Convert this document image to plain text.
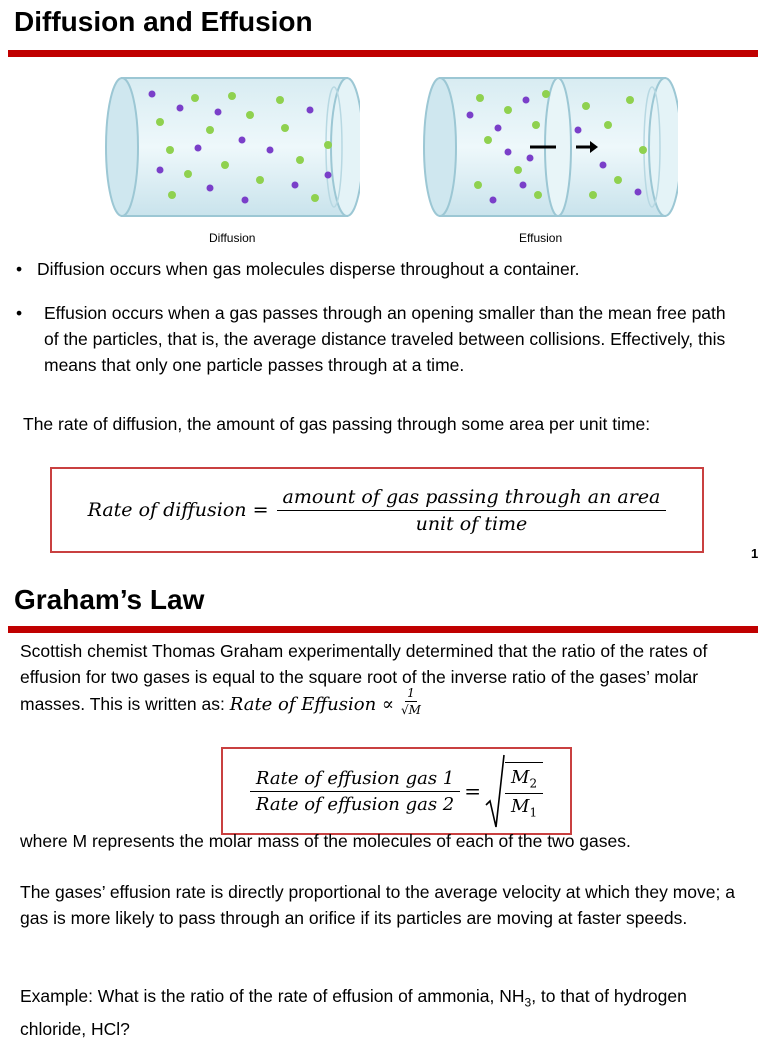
Diffusion and Effusion
Diffusion	Effusion
• Diffusion occurs when gas molecules disperse throughout a container.
•	Effusion occurs when a gas passes through an opening smaller than the mean free path of the particles, that is, the average distance traveled between collisions. Effectively, this means that only one particle passes through at a time.
The rate of diffusion, the amount of gas passing through some area per unit time:
Rate of diffusion = $\frac{\text{amount of gas passing through an area}}{\text{unit of time}}$
1
Graham’s Law
Scottish chemist Thomas Graham experimentally determined that the ratio of the rates of effusion for two gases is equal to the square root of the inverse ratio of the gases’ molar masses. This is written as: Rate of Effusion ∝ $\frac{1}{√M}$
$\frac{\text{Rate of effusion gas 1}}{\text{Rate of effusion gas 2}} = \frac{M_2}{M_1}$
where M represents the molar mass of the molecules of each of the two gases.
The gases’ effusion rate is directly proportional to the average velocity at which they move; a gas is more likely to pass through an orifice if its particles are moving at faster speeds.
Example: What is the ratio of the rate of effusion of ammonia, $NH_3$, to that of hydrogen chloride, HCl?
